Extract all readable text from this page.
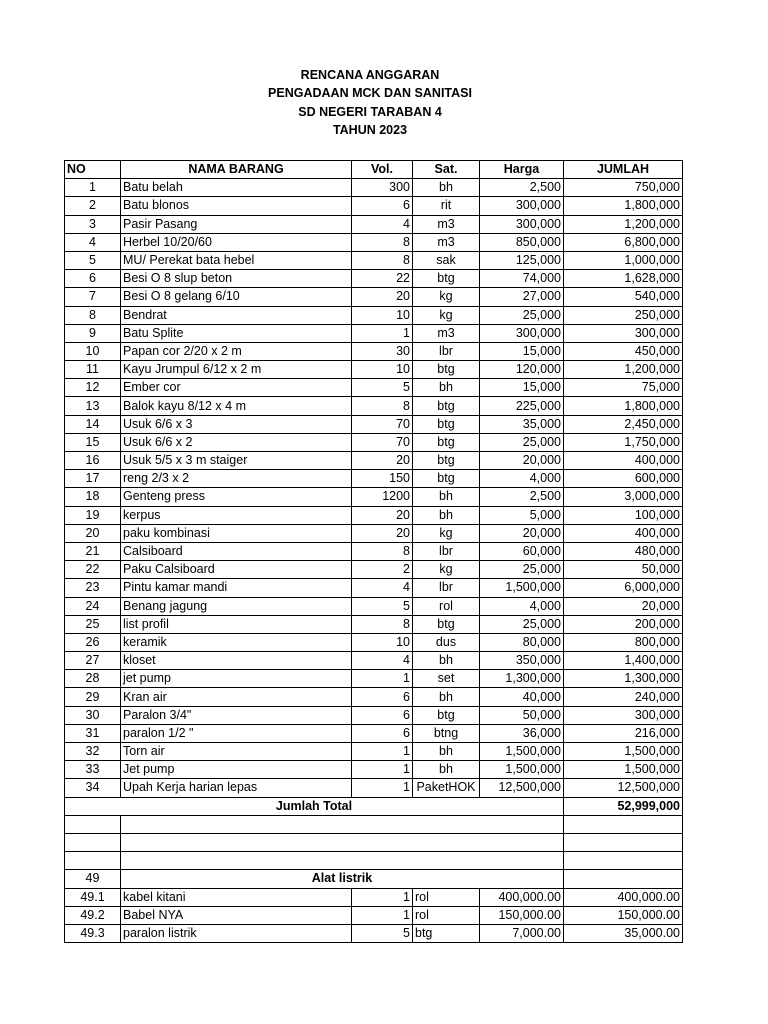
RENCANA ANGGARAN
PENGADAAN MCK DAN SANITASI
SD NEGERI TARABAN 4
TAHUN 2023
NO	NAMA BARANG	Vol.	Sat.	Harga	JUMLAH
1	Batu belah	300	bh	2,500	750,000
2	Batu blonos	6	rit	300,000	1,800,000
3	Pasir Pasang	4	m3	300,000	1,200,000
4	Herbel 10/20/60	8	m3	850,000	6,800,000
5	MU/ Perekat bata hebel	8	sak	125,000	1,000,000
6	Besi O 8 slup beton	22	btg	74,000	1,628,000
7	Besi O 8 gelang 6/10	20	kg	27,000	540,000
8	Bendrat	10	kg	25,000	250,000
9	Batu Splite	1	m3	300,000	300,000
10	Papan cor 2/20 x 2 m	30	lbr	15,000	450,000
11	Kayu Jrumpul 6/12 x 2 m	10	btg	120,000	1,200,000
12	Ember cor	5	bh	15,000	75,000
13	Balok kayu 8/12 x 4 m	8	btg	225,000	1,800,000
14	Usuk 6/6 x 3	70	btg	35,000	2,450,000
15	Usuk 6/6 x 2	70	btg	25,000	1,750,000
16	Usuk 5/5 x 3 m staiger	20	btg	20,000	400,000
17	reng 2/3 x 2	150	btg	4,000	600,000
18	Genteng press	1200	bh	2,500	3,000,000
19	kerpus	20	bh	5,000	100,000
20	paku kombinasi	20	kg	20,000	400,000
21	Calsiboard	8	lbr	60,000	480,000
22	Paku Calsiboard	2	kg	25,000	50,000
23	Pintu kamar mandi	4	lbr	1,500,000	6,000,000
24	Benang jagung	5	rol	4,000	20,000
25	list profil	8	btg	25,000	200,000
26	keramik	10	dus	80,000	800,000
27	kloset	4	bh	350,000	1,400,000
28	jet pump	1	set	1,300,000	1,300,000
29	Kran air	6	bh	40,000	240,000
30	Paralon 3/4"	6	btg	50,000	300,000
31	paralon 1/2 "	6	btng	36,000	216,000
32	Torn air	1	bh	1,500,000	1,500,000
33	Jet pump	1	bh	1,500,000	1,500,000
34	Upah Kerja harian lepas	1	PaketHOK	12,500,000	12,500,000
Jumlah Total					52,999,000

49	Alat listrik				
49.1	kabel kitani	1	rol	400,000.00	400,000.00
49.2	Babel NYA	1	rol	150,000.00	150,000.00
49.3	paralon listrik	5	btg	7,000.00	35,000.00
